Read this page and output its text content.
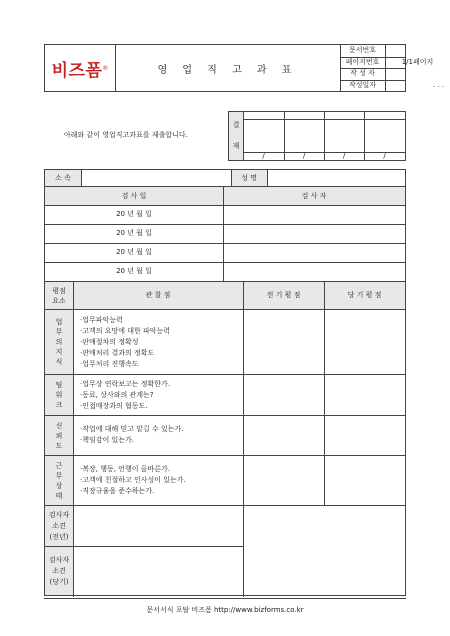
비즈폼 ®	영 업 직 고 과 표
문서번호
페이지번호	1/1페이지
작 성 자
작성일자	. . .
아래와 같이 영업직고과표를 제출합니다.
결
재
/	/	/	/
소 속	성 명
검 사 일	검 사 자
20 년 월 일
20 년 월 일
20 년 월 일
20 년 월 일
평점
요소
관 찰 점	전 기 평 점	당 기 평 점
업무의지식
·업무파악능력
·고객의 요망에 대한 파악능력
·판매절차의 정확성
·판매처리 결과의 정확도
·업무처리 진행속도
팀워크
·업무상 연락보고는 정확한가.
·동료, 상사와의 관계는?
·인접매장과의 협동도.
신뢰도
·작업에 대해 믿고 맡길 수 있는가.
·책임감이 있는가.
근무상태
·복장, 행동, 언행이 올바른가.
·고객에 친절하고 인사성이 있는가.
·직장규율을 준수하는가.
검사자
소견
(전년)
검사자
소견
(당기)
문서서식 포탈 비즈폼 http://www.bizforms.co.kr
